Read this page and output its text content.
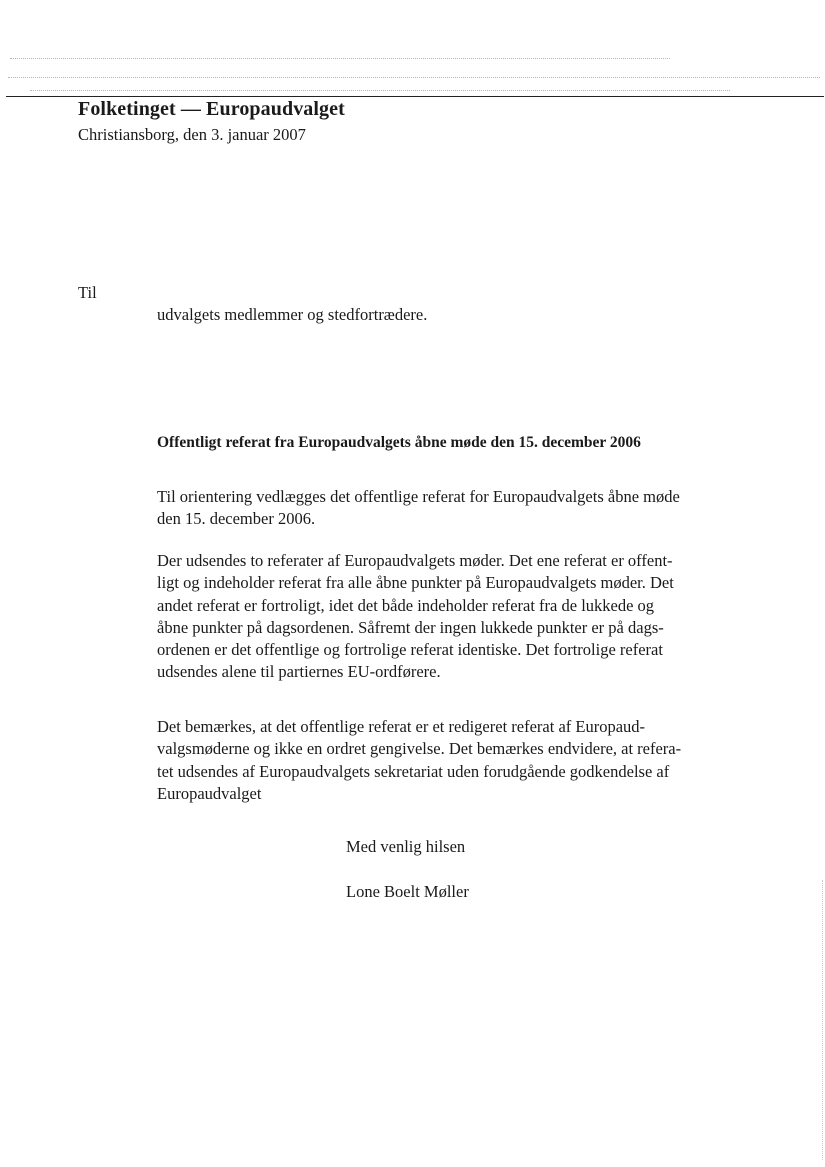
Folketinget — Europaudvalget
Christiansborg, den 3. januar 2007
Til
udvalgets medlemmer og stedfortrædere.
Offentligt referat fra Europaudvalgets åbne møde den 15. december 2006

Til orientering vedlægges det offentlige referat for Europaudvalgets åbne møde
den 15. december 2006.

Der udsendes to referater af Europaudvalgets møder. Det ene referat er offent-
ligt og indeholder referat fra alle åbne punkter på Europaudvalgets møder. Det
andet referat er fortroligt, idet det både indeholder referat fra de lukkede og
åbne punkter på dagsordenen. Såfremt der ingen lukkede punkter er på dags-
ordenen er det offentlige og fortrolige referat identiske. Det fortrolige referat
udsendes alene til partiernes EU-ordførere.

Det bemærkes, at det offentlige referat er et redigeret referat af Europaud-
valgsmøderne og ikke en ordret gengivelse. Det bemærkes endvidere, at refera-
tet udsendes af Europaudvalgets sekretariat uden forudgående godkendelse af
Europaudvalget

Med venlig hilsen
Lone Boelt Møller
